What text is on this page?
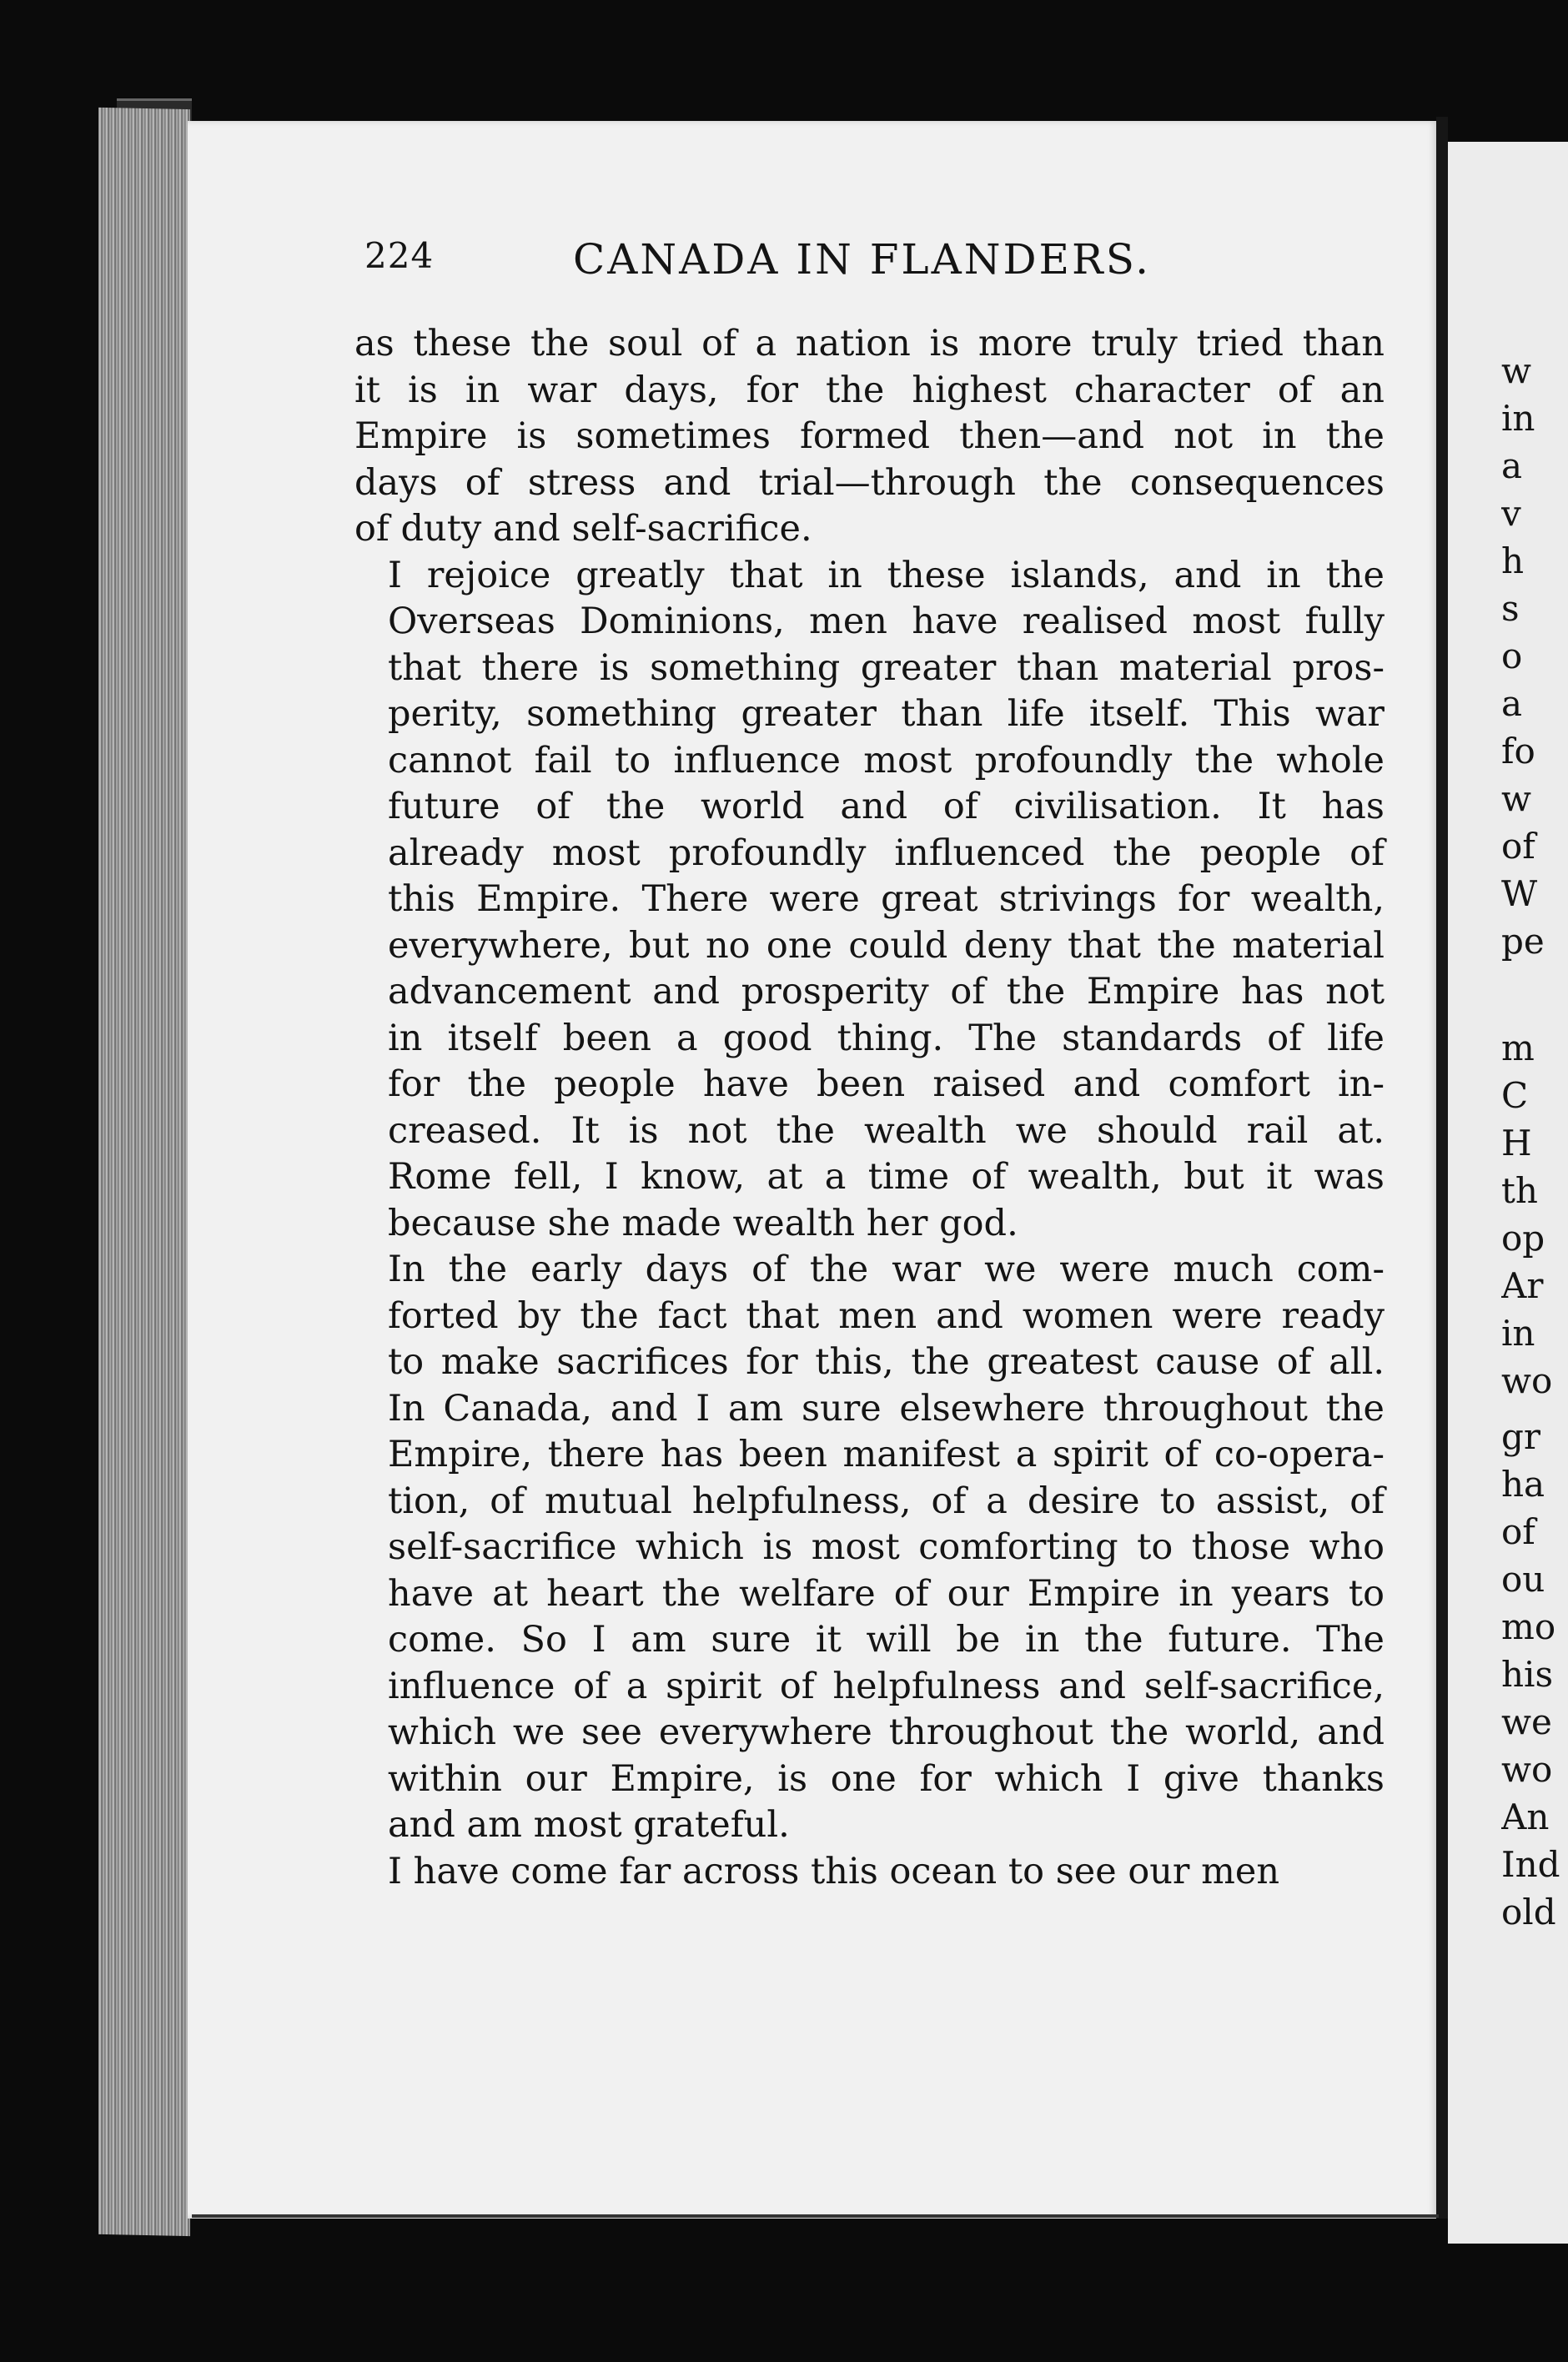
224	CANADA IN FLANDERS.

as these the soul of a nation is more truly tried than
it is in war days, for the highest character of an
Empire is sometimes formed then—and not in the
days of stress and trial—through the consequences
of duty and self-sacrifice.

I rejoice greatly that in these islands, and in the
Overseas Dominions, men have realised most fully
that there is something greater than material pros-
perity, something greater than life itself. This war
cannot fail to influence most profoundly the whole
future of the world and of civilisation. It has
already most profoundly influenced the people of
this Empire. There were great strivings for wealth,
everywhere, but no one could deny that the material
advancement and prosperity of the Empire has not
in itself been a good thing. The standards of life
for the people have been raised and comfort in-
creased. It is not the wealth we should rail at.
Rome fell, I know, at a time of wealth, but it was
because she made wealth her god.

In the early days of the war we were much com-
forted by the fact that men and women were ready
to make sacrifices for this, the greatest cause of all.
In Canada, and I am sure elsewhere throughout the
Empire, there has been manifest a spirit of co-opera-
tion, of mutual helpfulness, of a desire to assist, of
self-sacrifice which is most comforting to those who
have at heart the welfare of our Empire in years to
come. So I am sure it will be in the future. The
influence of a spirit of helpfulness and self-sacrifice,
which we see everywhere throughout the world, and
within our Empire, is one for which I give thanks
and am most grateful.

I have come far across this ocean to see our men

w
in
a
v
h
s
o
a
fo
w
of
W
pe
m
C
H
th
op
Ar
in
wo
gr
ha
of
ou
mo
his
we
wo
An
Ind
old
